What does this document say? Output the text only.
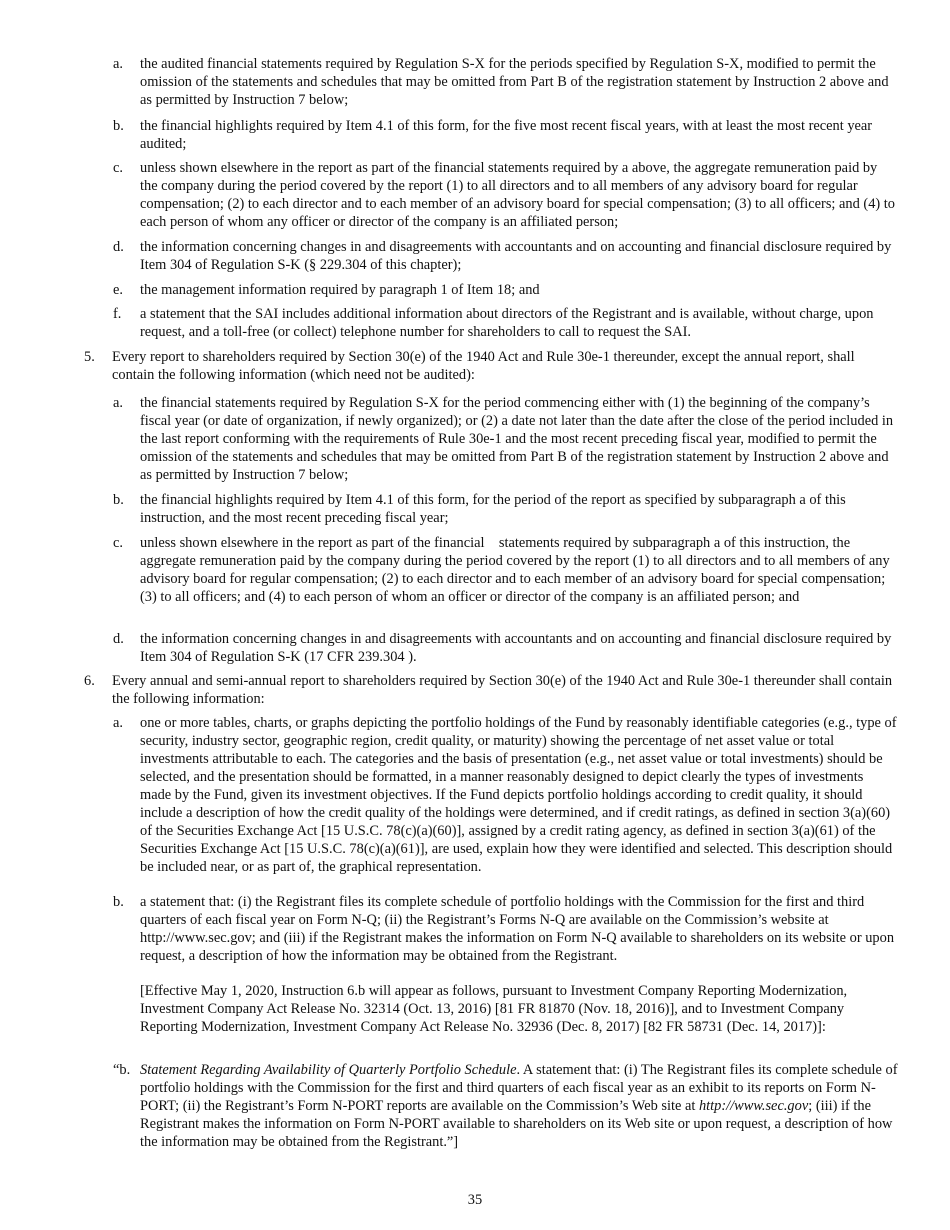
a. the audited financial statements required by Regulation S-X for the periods specified by Regulation S-X, modified to permit the omission of the statements and schedules that may be omitted from Part B of the registration statement by Instruction 2 above and as permitted by Instruction 7 below;
b. the financial highlights required by Item 4.1 of this form, for the five most recent fiscal years, with at least the most recent year audited;
c. unless shown elsewhere in the report as part of the financial statements required by a above, the aggregate remuneration paid by the company during the period covered by the report (1) to all directors and to all members of any advisory board for regular compensation; (2) to each director and to each member of an advisory board for special compensation; (3) to all officers; and (4) to each person of whom any officer or director of the company is an affiliated person;
d. the information concerning changes in and disagreements with accountants and on accounting and financial disclosure required by Item 304 of Regulation S-K (§ 229.304 of this chapter);
e. the management information required by paragraph 1 of Item 18; and
f. a statement that the SAI includes additional information about directors of the Registrant and is available, without charge, upon request, and a toll-free (or collect) telephone number for shareholders to call to request the SAI.
5. Every report to shareholders required by Section 30(e) of the 1940 Act and Rule 30e-1 thereunder, except the annual report, shall contain the following information (which need not be audited):
a. the financial statements required by Regulation S-X for the period commencing either with (1) the beginning of the company’s fiscal year (or date of organization, if newly organized); or (2) a date not later than the date after the close of the period included in the last report conforming with the requirements of Rule 30e-1 and the most recent preceding fiscal year, modified to permit the omission of the statements and schedules that may be omitted from Part B of the registration statement by Instruction 2 above and as permitted by Instruction 7 below;
b. the financial highlights required by Item 4.1 of this form, for the period of the report as specified by subparagraph a of this instruction, and the most recent preceding fiscal year;
c. unless shown elsewhere in the report as part of the financial    statements required by subparagraph a of this instruction, the aggregate remuneration paid by the company during the period covered by the report (1) to all directors and to all members of any advisory board for regular compensation; (2) to each director and to each member of an advisory board for special compensation; (3) to all officers; and (4) to each person of whom an officer or director of the company is an affiliated person; and
d. the information concerning changes in and disagreements with accountants and on accounting and financial disclosure required by Item 304 of Regulation S-K (17 CFR 239.304 ).
6. Every annual and semi-annual report to shareholders required by Section 30(e) of the 1940 Act and Rule 30e-1 thereunder shall contain the following information:
a. one or more tables, charts, or graphs depicting the portfolio holdings of the Fund by reasonably identifiable categories (e.g., type of security, industry sector, geographic region, credit quality, or maturity) showing the percentage of net asset value or total investments attributable to each. The categories and the basis of presentation (e.g., net asset value or total investments) should be selected, and the presentation should be formatted, in a manner reasonably designed to depict clearly the types of investments made by the Fund, given its investment objectives. If the Fund depicts portfolio holdings according to credit quality, it should include a description of how the credit quality of the holdings were determined, and if credit ratings, as defined in section 3(a)(60) of the Securities Exchange Act [15 U.S.C. 78(c)(a)(60)], assigned by a credit rating agency, as defined in section 3(a)(61) of the Securities Exchange Act [15 U.S.C. 78(c)(a)(61)], are used, explain how they were identified and selected. This description should be included near, or as part of, the graphical representation.
b. a statement that: (i) the Registrant files its complete schedule of portfolio holdings with the Commission for the first and third quarters of each fiscal year on Form N-Q; (ii) the Registrant’s Forms N-Q are available on the Commission’s website at http://www.sec.gov; and (iii) if the Registrant makes the information on Form N-Q available to shareholders on its website or upon request, a description of how the information may be obtained from the Registrant.
[Effective May 1, 2020, Instruction 6.b will appear as follows, pursuant to Investment Company Reporting Modernization, Investment Company Act Release No. 32314 (Oct. 13, 2016) [81 FR 81870 (Nov. 18, 2016)], and to Investment Company Reporting Modernization, Investment Company Act Release No. 32936 (Dec. 8, 2017) [82 FR 58731 (Dec. 14, 2017)]:
“b. Statement Regarding Availability of Quarterly Portfolio Schedule. A statement that: (i) The Registrant files its complete schedule of portfolio holdings with the Commission for the first and third quarters of each fiscal year as an exhibit to its reports on Form N-PORT; (ii) the Registrant’s Form N-PORT reports are available on the Commission’s Web site at http://www.sec.gov; (iii) if the Registrant makes the information on Form N-PORT available to shareholders on its Web site or upon request, a description of how the information may be obtained from the Registrant.”]
35
